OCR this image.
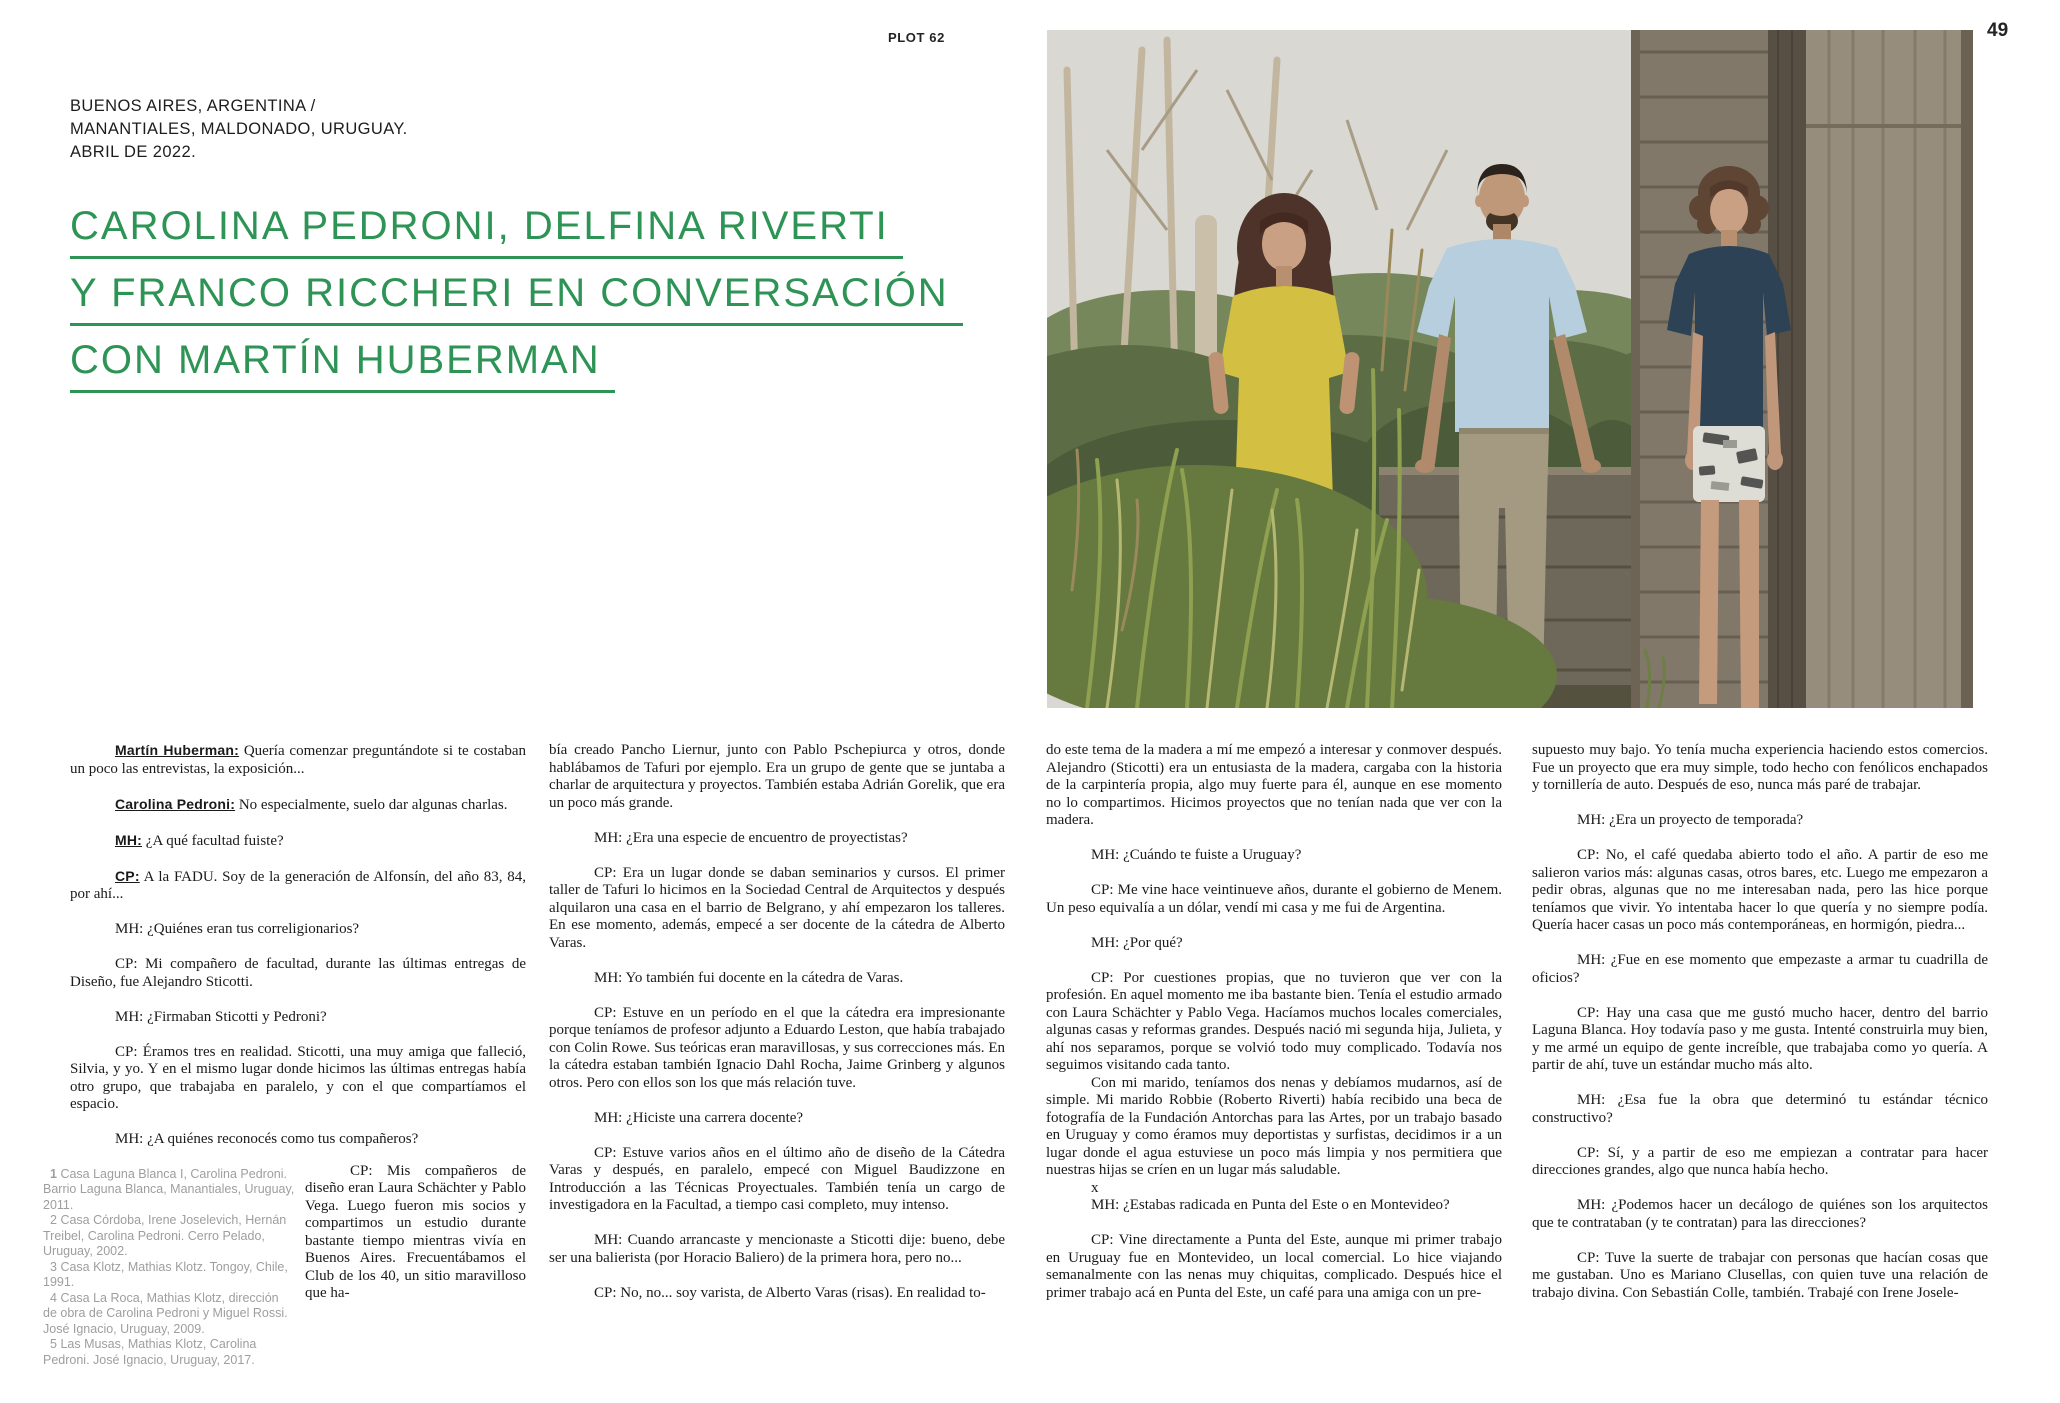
PLOT 62	49
BUENOS AIRES, ARGENTINA /
MANANTIALES, MALDONADO, URUGUAY.
ABRIL DE 2022.
CAROLINA PEDRONI, DELFINA RIVERTI
Y FRANCO RICCHERI EN CONVERSACIÓN
CON MARTÍN HUBERMAN

Martín Huberman: Quería comenzar preguntándote si te costaban un poco las entrevistas, la exposición...

Carolina Pedroni: No especialmente, suelo dar algunas charlas.

MH: ¿A qué facultad fuiste?

CP: A la FADU. Soy de la generación de Alfonsín, del año 83, 84, por ahí...

MH: ¿Quiénes eran tus correligionarios?

CP: Mi compañero de facultad, durante las últimas entregas de Diseño, fue Alejandro Sticotti.

MH: ¿Firmaban Sticotti y Pedroni?

CP: Éramos tres en realidad. Sticotti, una muy amiga que falleció, Silvia, y yo. Y en el mismo lugar donde hicimos las últimas entregas había otro grupo, que trabajaba en paralelo, y con el que compartíamos el espacio.

MH: ¿A quiénes reconocés como tus compañeros?

1 Casa Laguna Blanca I, Carolina Pedroni. Barrio Laguna Blanca, Manantiales, Uruguay, 2011.

2 Casa Córdoba, Irene Joselevich, Hernán Treibel, Carolina Pedroni. Cerro Pelado, Uruguay, 2002.

3 Casa Klotz, Mathias Klotz. Tongoy, Chile, 1991.

4 Casa La Roca, Mathias Klotz, dirección de obra de Carolina Pedroni y Miguel Rossi. José Ignacio, Uruguay, 2009.

5 Las Musas, Mathias Klotz, Carolina Pedroni. José Ignacio, Uruguay, 2017.

CP: Mis compañeros de diseño eran Laura Schächter y Pablo Vega. Luego fueron mis socios y compartimos un estudio durante bastante tiempo mientras vivía en Buenos Aires. Frecuentábamos el Club de los 40, un sitio maravilloso que ha-

bía creado Pancho Liernur, junto con Pablo Pschepiurca y otros, donde hablábamos de Tafuri por ejemplo. Era un grupo de gente que se juntaba a charlar de arquitectura y proyectos. También estaba Adrián Gorelik, que era un poco más grande.

MH: ¿Era una especie de encuentro de proyectistas?

CP: Era un lugar donde se daban seminarios y cursos. El primer taller de Tafuri lo hicimos en la Sociedad Central de Arquitectos y después alquilaron una casa en el barrio de Belgrano, y ahí empezaron los talleres. En ese momento, además, empecé a ser docente de la cátedra de Alberto Varas.

MH: Yo también fui docente en la cátedra de Varas.

CP: Estuve en un período en el que la cátedra era impresionante porque teníamos de profesor adjunto a Eduardo Leston, que había trabajado con Colin Rowe. Sus teóricas eran maravillosas, y sus correcciones más. En la cátedra estaban también Ignacio Dahl Rocha, Jaime Grinberg y algunos otros. Pero con ellos son los que más relación tuve.

MH: ¿Hiciste una carrera docente?

CP: Estuve varios años en el último año de diseño de la Cátedra Varas y después, en paralelo, empecé con Miguel Baudizzone en Introducción a las Técnicas Proyectuales. También tenía un cargo de investigadora en la Facultad, a tiempo casi completo, muy intenso.

MH: Cuando arrancaste y mencionaste a Sticotti dije: bueno, debe ser una balierista (por Horacio Baliero) de la primera hora, pero no...

CP: No, no... soy varista, de Alberto Varas (risas). En realidad to-

do este tema de la madera a mí me empezó a interesar y conmover después. Alejandro (Sticotti) era un entusiasta de la madera, cargaba con la historia de la carpintería propia, algo muy fuerte para él, aunque en ese momento no lo compartimos. Hicimos proyectos que no tenían nada que ver con la madera.

MH: ¿Cuándo te fuiste a Uruguay?

CP: Me vine hace veintinueve años, durante el gobierno de Menem. Un peso equivalía a un dólar, vendí mi casa y me fui de Argentina.

MH: ¿Por qué?

CP: Por cuestiones propias, que no tuvieron que ver con la profesión. En aquel momento me iba bastante bien. Tenía el estudio armado con Laura Schächter y Pablo Vega. Hacíamos muchos locales comerciales, algunas casas y reformas grandes. Después nació mi segunda hija, Julieta, y ahí nos separamos, porque se volvió todo muy complicado. Todavía nos seguimos visitando cada tanto.

Con mi marido, teníamos dos nenas y debíamos mudarnos, así de simple. Mi marido Robbie (Roberto Riverti) había recibido una beca de fotografía de la Fundación Antorchas para las Artes, por un trabajo basado en Uruguay y como éramos muy deportistas y surfistas, decidimos ir a un lugar donde el agua estuviese un poco más limpia y nos permitiera que nuestras hijas se críen en un lugar más saludable.

x

MH: ¿Estabas radicada en Punta del Este o en Montevideo?

CP: Vine directamente a Punta del Este, aunque mi primer trabajo en Uruguay fue en Montevideo, un local comercial. Lo hice viajando semanalmente con las nenas muy chiquitas, complicado. Después hice el primer trabajo acá en Punta del Este, un café para una amiga con un pre-

supuesto muy bajo. Yo tenía mucha experiencia haciendo estos comercios. Fue un proyecto que era muy simple, todo hecho con fenólicos enchapados y tornillería de auto. Después de eso, nunca más paré de trabajar.

MH: ¿Era un proyecto de temporada?

CP: No, el café quedaba abierto todo el año. A partir de eso me salieron varios más: algunas casas, otros bares, etc. Luego me empezaron a pedir obras, algunas que no me interesaban nada, pero las hice porque teníamos que vivir. Yo intentaba hacer lo que quería y no siempre podía. Quería hacer casas un poco más contemporáneas, en hormigón, piedra...

MH: ¿Fue en ese momento que empezaste a armar tu cuadrilla de oficios?

CP: Hay una casa que me gustó mucho hacer, dentro del barrio Laguna Blanca. Hoy todavía paso y me gusta. Intenté construirla muy bien, y me armé un equipo de gente increíble, que trabajaba como yo quería. A partir de ahí, tuve un estándar mucho más alto.

MH: ¿Esa fue la obra que determinó tu estándar técnico constructivo?

CP: Sí, y a partir de eso me empiezan a contratar para hacer direcciones grandes, algo que nunca había hecho.

MH: ¿Podemos hacer un decálogo de quiénes son los arquitectos que te contrataban (y te contratan) para las direcciones?

CP: Tuve la suerte de trabajar con personas que hacían cosas que me gustaban. Uno es Mariano Clusellas, con quien tuve una relación de trabajo divina. Con Sebastián Colle, también. Trabajé con Irene Josele-
